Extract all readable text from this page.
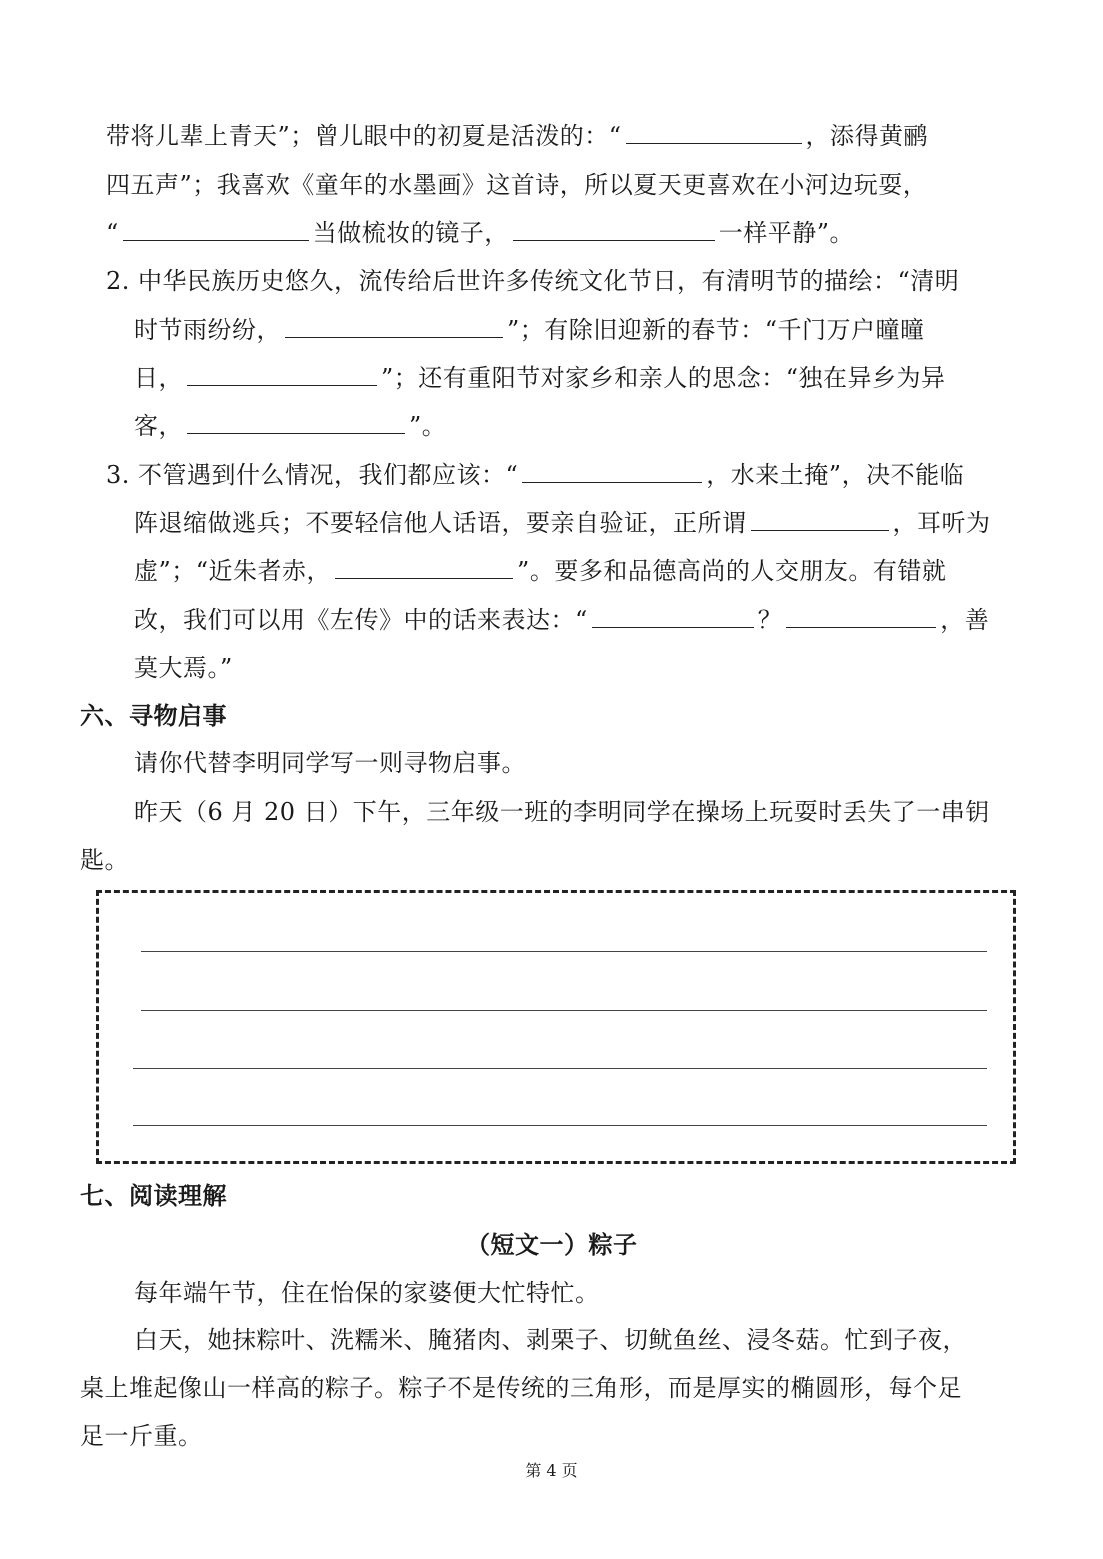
带将儿辈上青天”；曾儿眼中的初夏是活泼的：“	，添得黄鹂
四五声”；我喜欢《童年的水墨画》这首诗，所以夏天更喜欢在小河边玩耍，
“	当做梳妆的镜子，	一样平静”。
2. 中华民族历史悠久，流传给后世许多传统文化节日，有清明节的描绘：“清明
时节雨纷纷，	”；有除旧迎新的春节：“千门万户曈曈
日，	”；还有重阳节对家乡和亲人的思念：“独在异乡为异
客，	”。
3. 不管遇到什么情况，我们都应该：“	，水来土掩”，决不能临
阵退缩做逃兵；不要轻信他人话语，要亲自验证，正所谓	，耳听为
虚”；“近朱者赤，	”。要多和品德高尚的人交朋友。有错就
改，我们可以用《左传》中的话来表达：“	？	，善
莫大焉。”
六、寻物启事
请你代替李明同学写一则寻物启事。
昨天（6 月 20 日）下午，三年级一班的李明同学在操场上玩耍时丢失了一串钥
匙。
七、阅读理解
（短文一）粽子
每年端午节，住在怡保的家婆便大忙特忙。
白天，她抹粽叶、洗糯米、腌猪肉、剥栗子、切鱿鱼丝、浸冬菇。忙到子夜，
桌上堆起像山一样高的粽子。粽子不是传统的三角形，而是厚实的椭圆形，每个足
足一斤重。
第 4 页
